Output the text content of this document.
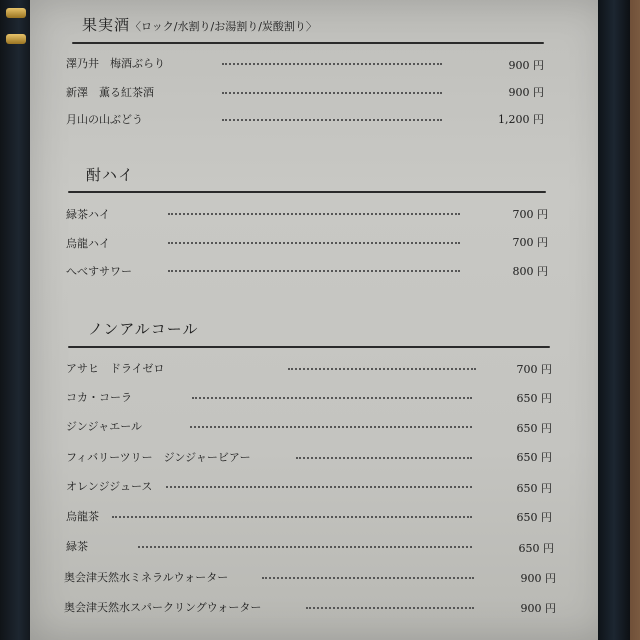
果実酒〈ロック/水割り/お湯割り/炭酸割り〉
澤乃井　梅酒ぶらり	900 円
新澤　薫る紅茶酒	900 円
月山の山ぶどう	1,200 円
酎ハイ
緑茶ハイ	700 円
烏龍ハイ	700 円
へべすサワー	800 円
ノンアルコール
アサヒ　ドライゼロ	700 円
コカ・コーラ	650 円
ジンジャエール	650 円
フィバリーツリー　ジンジャービアー	650 円
オレンジジュース	650 円
烏龍茶	650 円
緑茶	650 円
奥会津天然水ミネラルウォーター	900 円
奥会津天然水スパークリングウォーター	900 円
